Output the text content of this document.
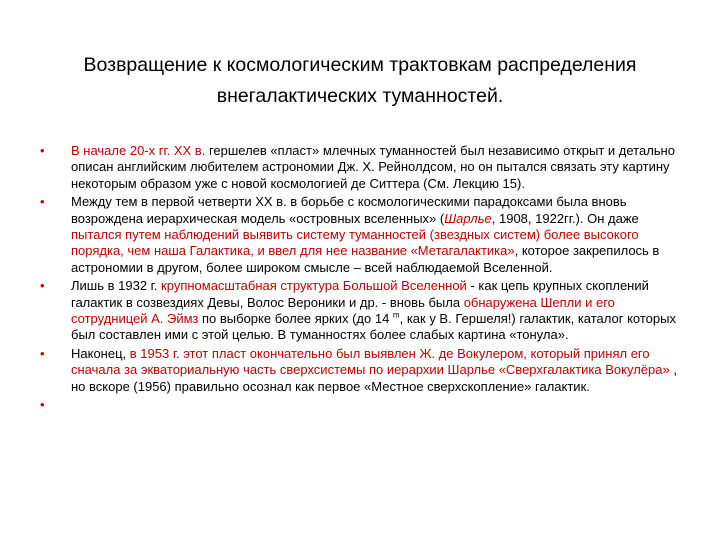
Возвращение к космологическим трактовкам распределения
внегалактических туманностей.
• В начале 20-х гг. XX в. гершелев «пласт» млечных туманностей был независимо открыт и детально описан английским любителем астрономии Дж. Х. Рейнолдсом, но он пытался связать эту картину некоторым образом уже с новой космологией де Ситтера (См. Лекцию 15).
• Между тем в первой четверти XX в. в борьбе с космологическими парадоксами была вновь возрождена иерархическая модель «островных вселенных» (Шарлье, 1908, 1922гг.). Он даже пытался путем наблюдений выявить систему туманностей (звездных систем) более высокого порядка, чем наша Галактика, и ввел для нее название «Метагалактика», которое закрепилось в астрономии в другом, более широком смысле – всей наблюдаемой Вселенной.
• Лишь в 1932 г. крупномасштабная структура Большой Вселенной - как цепь крупных скоплений галактик в созвездиях Девы, Волос Вероники и др. - вновь была обнаружена Шепли и его сотрудницей А. Эймз по выборке более ярких (до 14 $^m$, как у В. Гершеля!) галактик, каталог которых был составлен ими с этой целью. В туманностях более слабых картина «тонула».
• Наконец, в 1953 г. этот пласт окончательно был выявлен Ж. де Вокулером, который принял его сначала за экваториальную часть сверхсистемы по иерархии Шарлье «Сверхгалактика Вокулёра» , но вскоре (1956) правильно осознал как первое «Местное сверхскопление» галактик.
•
